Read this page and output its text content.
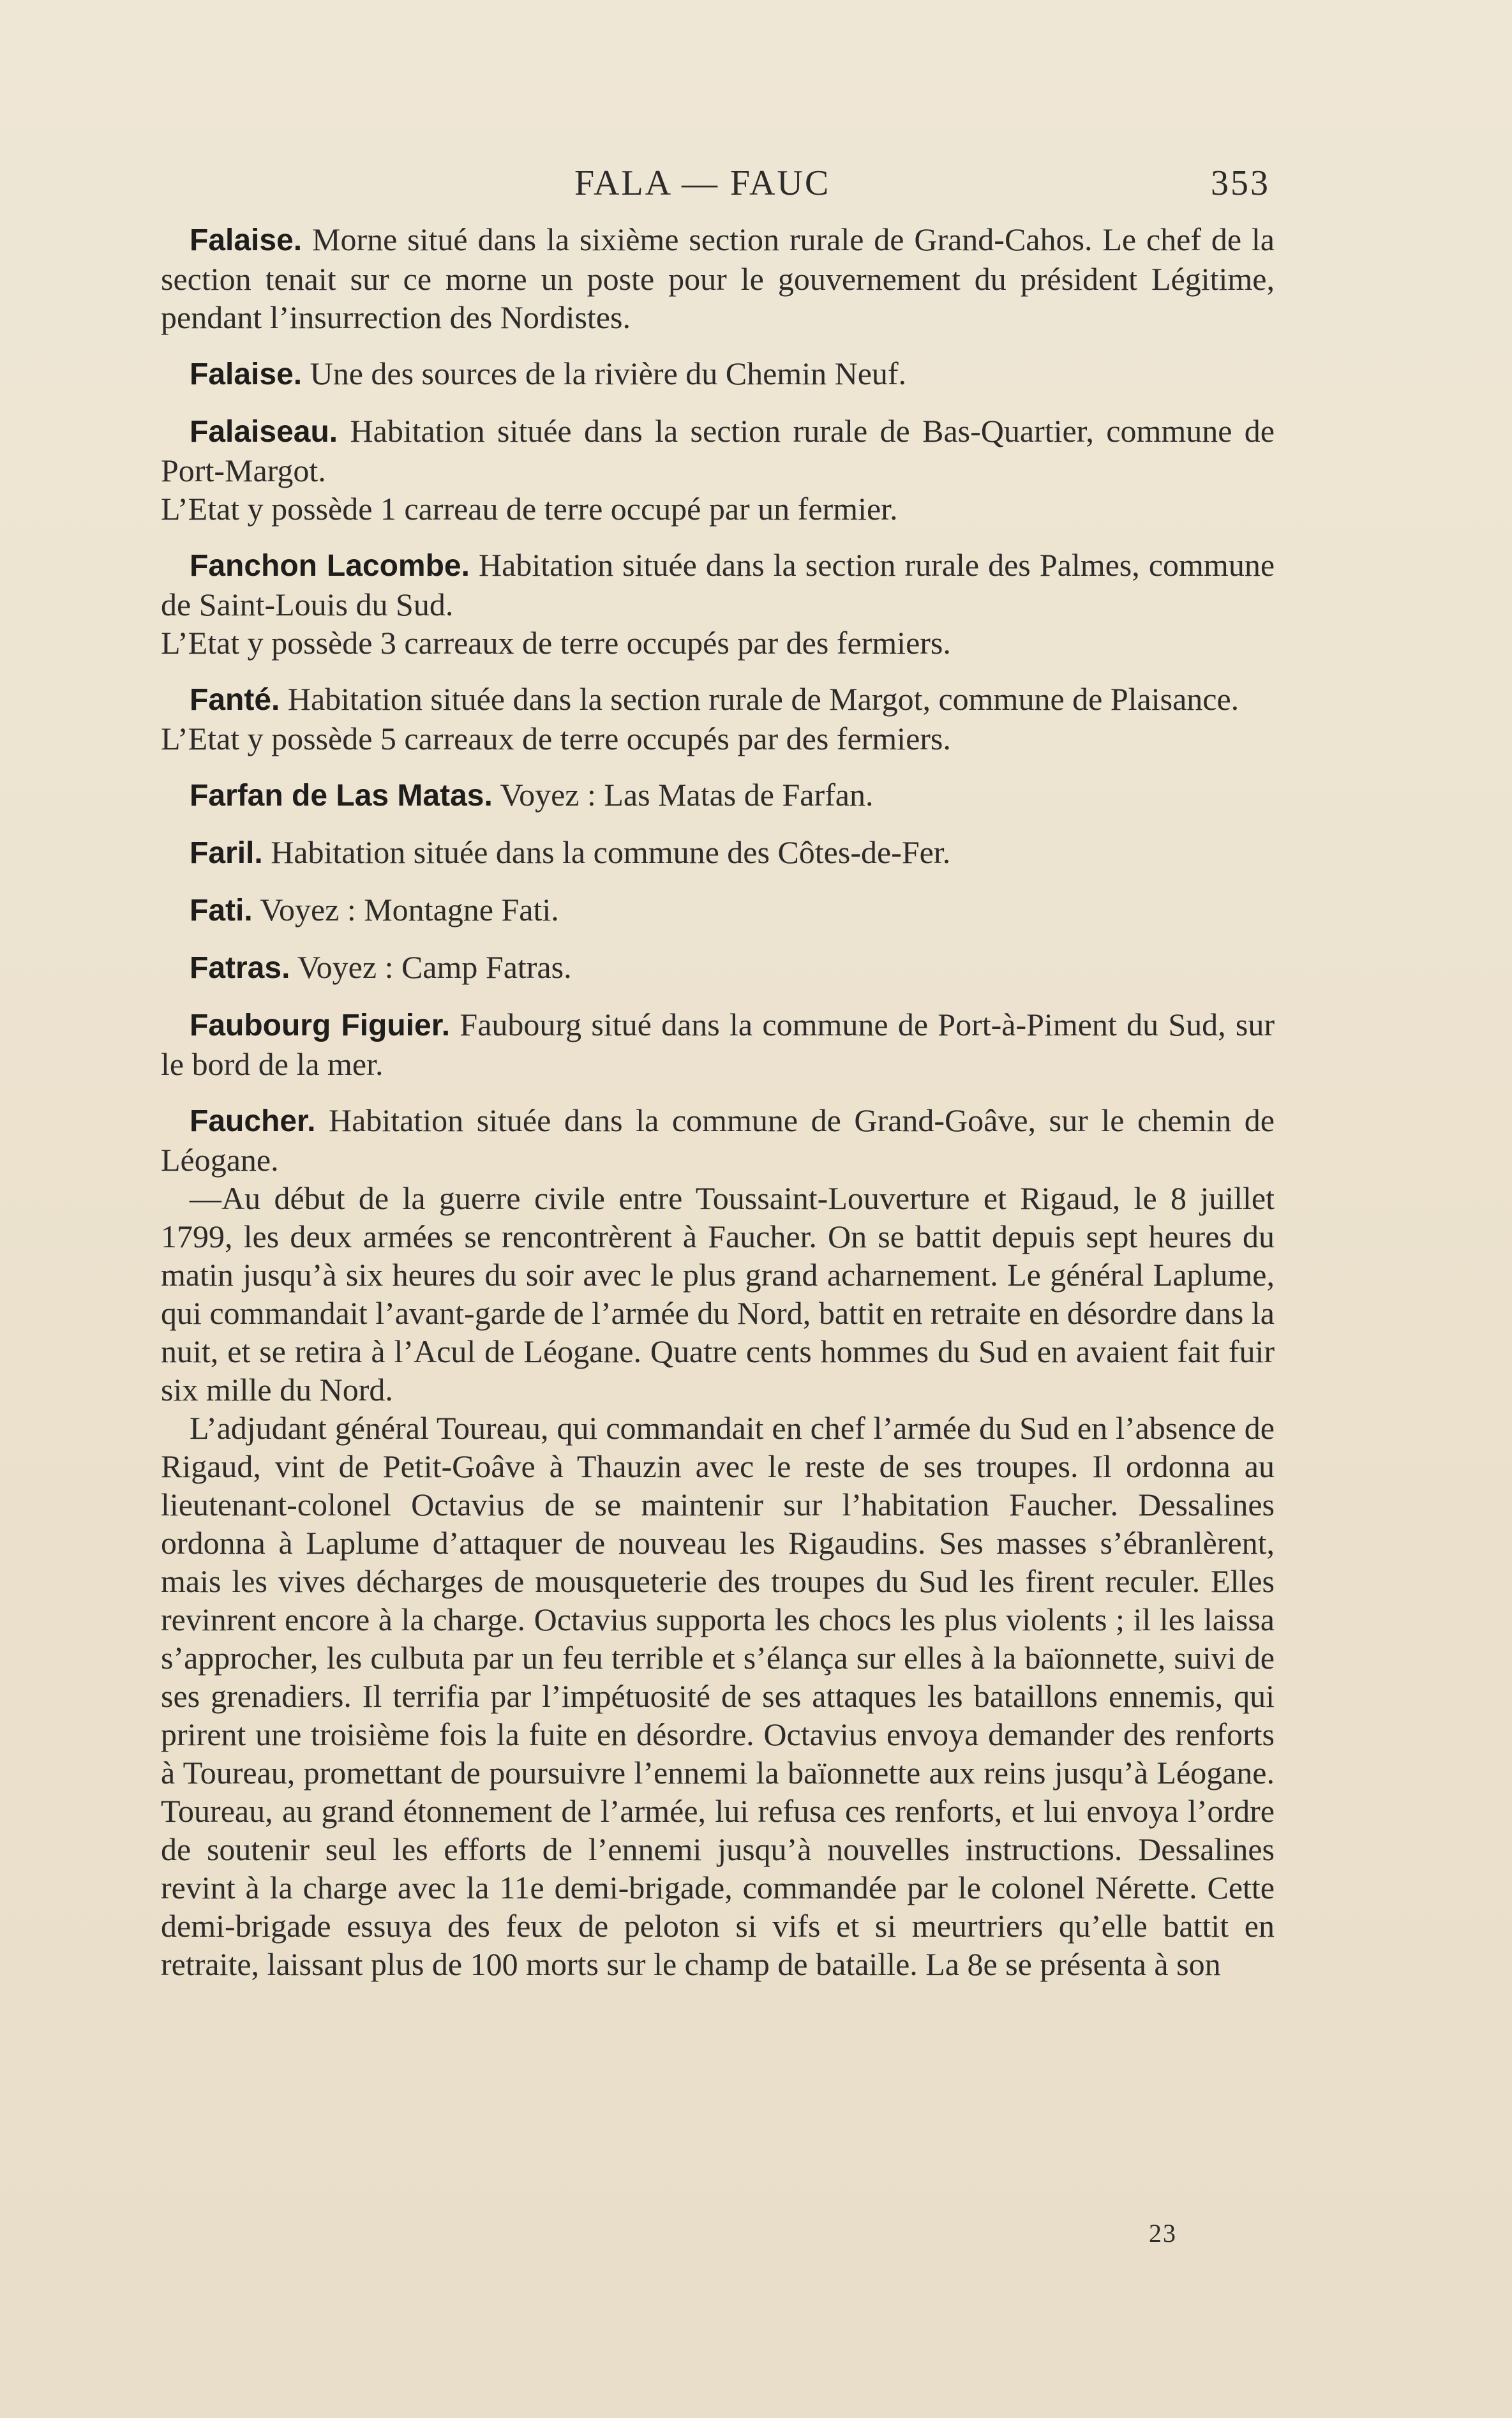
FALA — FAUC	353

Falaise. Morne situé dans la sixième section rurale de Grand-Cahos. Le chef de la section tenait sur ce morne un poste pour le gouvernement du président Légitime, pendant l’insurrection des Nordistes.

Falaise. Une des sources de la rivière du Chemin Neuf.

Falaiseau. Habitation située dans la section rurale de Bas-Quartier, commune de Port-Margot.

L’Etat y possède 1 carreau de terre occupé par un fermier.

Fanchon Lacombe. Habitation située dans la section rurale des Palmes, commune de Saint-Louis du Sud.

L’Etat y possède 3 carreaux de terre occupés par des fermiers.

Fanté. Habitation située dans la section rurale de Margot, commune de Plaisance.

L’Etat y possède 5 carreaux de terre occupés par des fermiers.

Farfan de Las Matas. Voyez : Las Matas de Farfan.

Faril. Habitation située dans la commune des Côtes-de-Fer.

Fati. Voyez : Montagne Fati.

Fatras. Voyez : Camp Fatras.

Faubourg Figuier. Faubourg situé dans la commune de Port-à-Piment du Sud, sur le bord de la mer.

Faucher. Habitation située dans la commune de Grand-Goâve, sur le chemin de Léogane.

—Au début de la guerre civile entre Toussaint-Louverture et Rigaud, le 8 juillet 1799, les deux armées se rencontrèrent à Faucher. On se battit depuis sept heures du matin jusqu’à six heures du soir avec le plus grand acharnement. Le général Laplume, qui commandait l’avant-garde de l’armée du Nord, battit en retraite en désordre dans la nuit, et se retira à l’Acul de Léogane. Quatre cents hommes du Sud en avaient fait fuir six mille du Nord.

L’adjudant général Toureau, qui commandait en chef l’armée du Sud en l’absence de Rigaud, vint de Petit-Goâve à Thauzin avec le reste de ses troupes. Il ordonna au lieutenant-colonel Octavius de se maintenir sur l’habitation Faucher. Dessalines ordonna à Laplume d’attaquer de nouveau les Rigaudins. Ses masses s’ébranlèrent, mais les vives décharges de mousqueterie des troupes du Sud les firent reculer. Elles revinrent encore à la charge. Octavius supporta les chocs les plus violents ; il les laissa s’approcher, les culbuta par un feu terrible et s’élança sur elles à la baïonnette, suivi de ses grenadiers. Il terrifia par l’impétuosité de ses attaques les bataillons ennemis, qui prirent une troisième fois la fuite en désordre. Octavius envoya demander des renforts à Toureau, promettant de poursuivre l’ennemi la baïonnette aux reins jusqu’à Léogane. Toureau, au grand étonnement de l’armée, lui refusa ces renforts, et lui envoya l’ordre de soutenir seul les efforts de l’ennemi jusqu’à nouvelles instructions. Dessalines revint à la charge avec la 11e demi-brigade, commandée par le colonel Nérette. Cette demi-brigade essuya des feux de peloton si vifs et si meurtriers qu’elle battit en retraite, laissant plus de 100 morts sur le champ de bataille. La 8e se présenta à son

23
